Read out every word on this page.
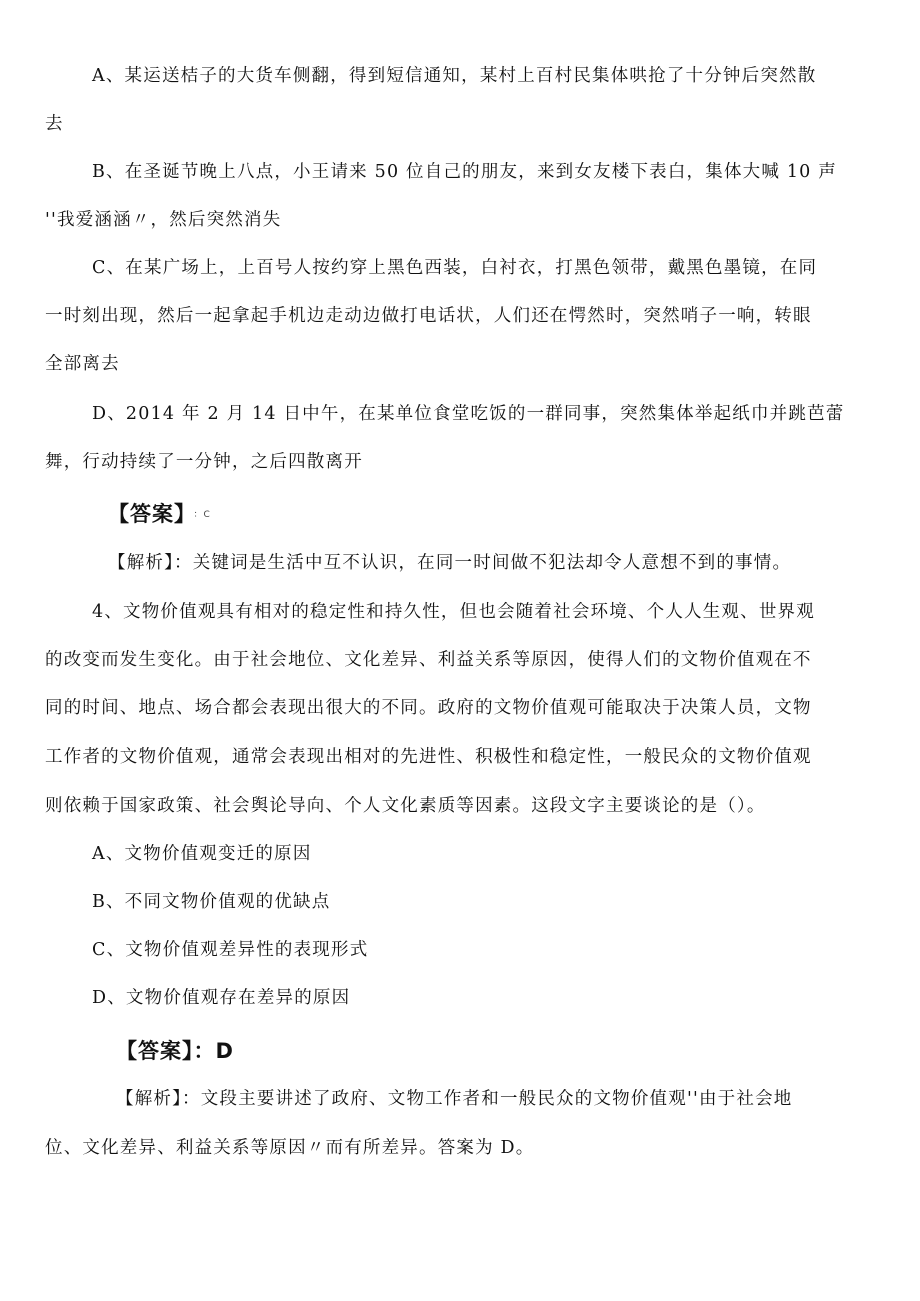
A、某运送桔子的大货车侧翻，得到短信通知，某村上百村民集体哄抢了十分钟后突然散
去
B、在圣诞节晚上八点，小王请来 50 位自己的朋友，来到女友楼下表白，集体大喊 10 声
''我爱涵涵〃，然后突然消失
C、在某广场上，上百号人按约穿上黑色西装，白衬衣，打黑色领带，戴黑色墨镜，在同
一时刻出现，然后一起拿起手机边走动边做打电话状，人们还在愕然时，突然哨子一响，转眼
全部离去
D、2014 年 2 月 14 日中午，在某单位食堂吃饭的一群同事，突然集体举起纸巾并跳芭蕾
舞，行动持续了一分钟，之后四散离开
【答案】 ：C
【解析】：关键词是生活中互不认识，在同一时间做不犯法却令人意想不到的事情。
4、文物价值观具有相对的稳定性和持久性，但也会随着社会环境、个人人生观、世界观
的改变而发生变化。由于社会地位、文化差异、利益关系等原因，使得人们的文物价值观在不
同的时间、地点、场合都会表现出很大的不同。政府的文物价值观可能取决于决策人员，文物
工作者的文物价值观，通常会表现出相对的先进性、积极性和稳定性，一般民众的文物价值观
则依赖于国家政策、社会舆论导向、个人文化素质等因素。这段文字主要谈论的是（）。
A、文物价值观变迁的原因
B、不同文物价值观的优缺点
C、文物价值观差异性的表现形式
D、文物价值观存在差异的原因
【答案】：D
【解析】：文段主要讲述了政府、文物工作者和一般民众的文物价值观''由于社会地
位、文化差异、利益关系等原因〃而有所差异。答案为 D。
